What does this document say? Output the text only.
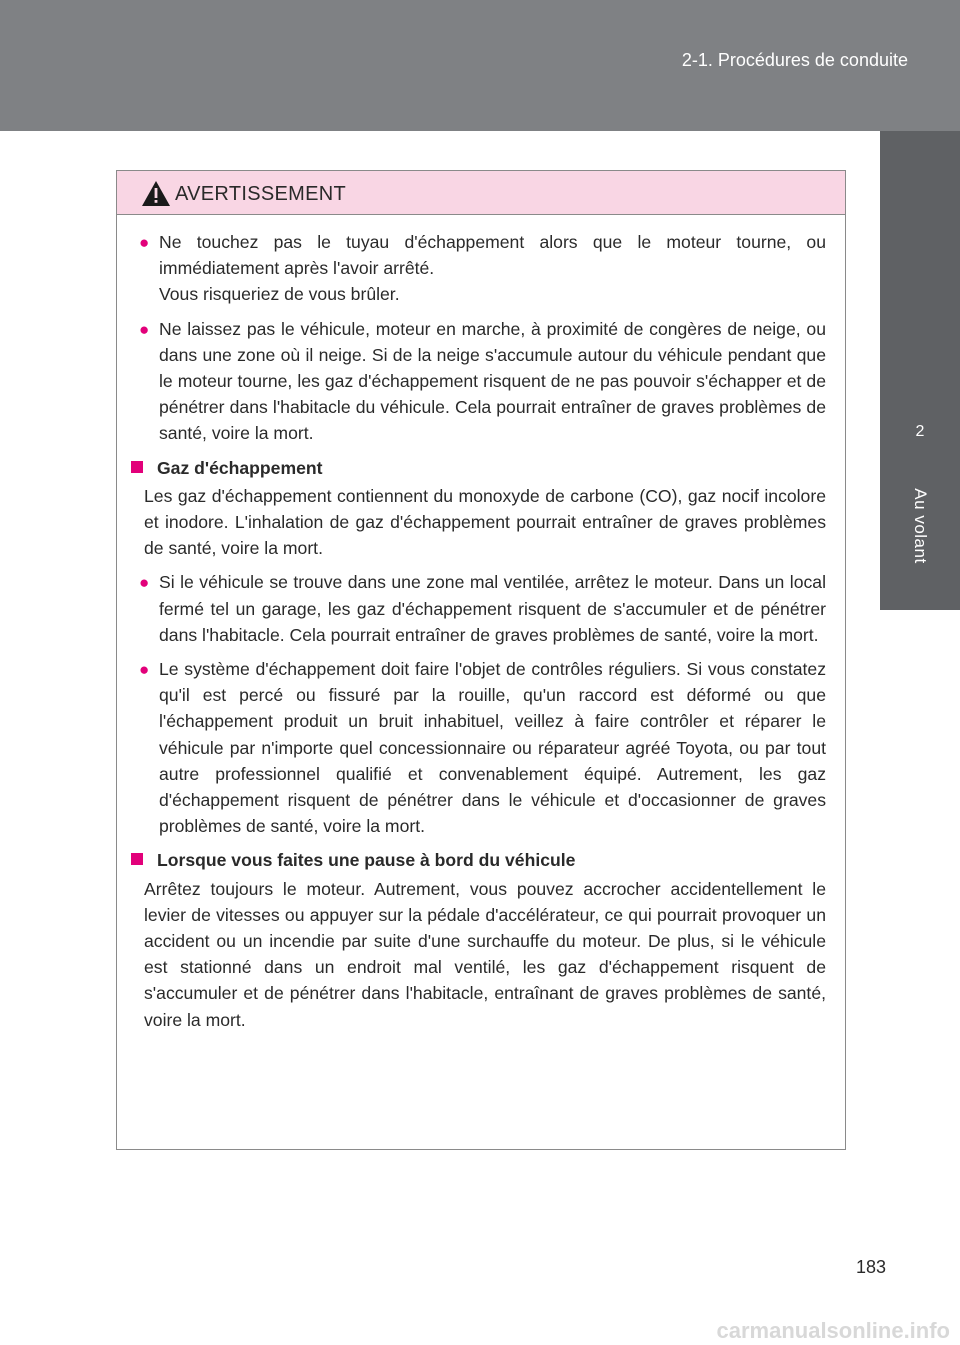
2-1. Procédures de conduite
2
Au volant
AVERTISSEMENT
● Ne touchez pas le tuyau d'échappement alors que le moteur tourne, ou immédiatement après l'avoir arrêté.
Vous risqueriez de vous brûler.
● Ne laissez pas le véhicule, moteur en marche, à proximité de congères de neige, ou dans une zone où il neige. Si de la neige s'accumule autour du véhicule pendant que le moteur tourne, les gaz d'échappement risquent de ne pas pouvoir s'échapper et de pénétrer dans l'habitacle du véhicule. Cela pourrait entraîner de graves problèmes de santé, voire la mort.
Gaz d'échappement
Les gaz d'échappement contiennent du monoxyde de carbone (CO), gaz nocif incolore et inodore. L'inhalation de gaz d'échappement pourrait entraîner de graves problèmes de santé, voire la mort.
● Si le véhicule se trouve dans une zone mal ventilée, arrêtez le moteur. Dans un local fermé tel un garage, les gaz d'échappement risquent de s'accumuler et de pénétrer dans l'habitacle. Cela pourrait entraîner de graves problèmes de santé, voire la mort.
● Le système d'échappement doit faire l'objet de contrôles réguliers. Si vous constatez qu'il est percé ou fissuré par la rouille, qu'un raccord est déformé ou que l'échappement produit un bruit inhabituel, veillez à faire contrôler et réparer le véhicule par n'importe quel concessionnaire ou réparateur agréé Toyota, ou par tout autre professionnel qualifié et convenablement équipé. Autrement, les gaz d'échappement risquent de pénétrer dans le véhicule et d'occasionner de graves problèmes de santé, voire la mort.
Lorsque vous faites une pause à bord du véhicule
Arrêtez toujours le moteur. Autrement, vous pouvez accrocher accidentellement le levier de vitesses ou appuyer sur la pédale d'accélérateur, ce qui pourrait provoquer un accident ou un incendie par suite d'une surchauffe du moteur. De plus, si le véhicule est stationné dans un endroit mal ventilé, les gaz d'échappement risquent de s'accumuler et de pénétrer dans l'habitacle, entraînant de graves problèmes de santé, voire la mort.
183
carmanualsonline.info
